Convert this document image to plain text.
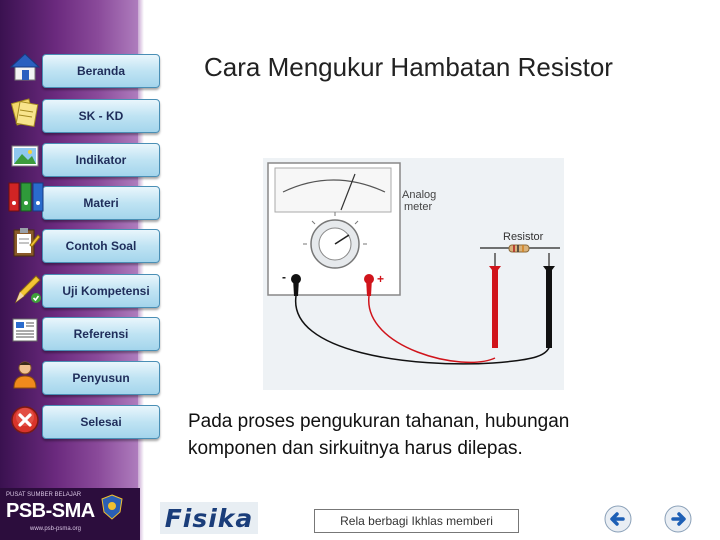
Beranda
SK - KD
Indikator
Materi
Contoh Soal
Uji Kompetensi
Referensi
Penyusun
Selesai
Cara Mengukur Hambatan Resistor
-	+
Analog
meter
Resistor
Pada proses pengukuran tahanan, hubungan
komponen dan sirkuitnya harus dilepas.
PUSAT SUMBER BELAJAR
PSB-SMA
www.psb-psma.org	Fisika	Rela berbagi Ikhlas memberi
